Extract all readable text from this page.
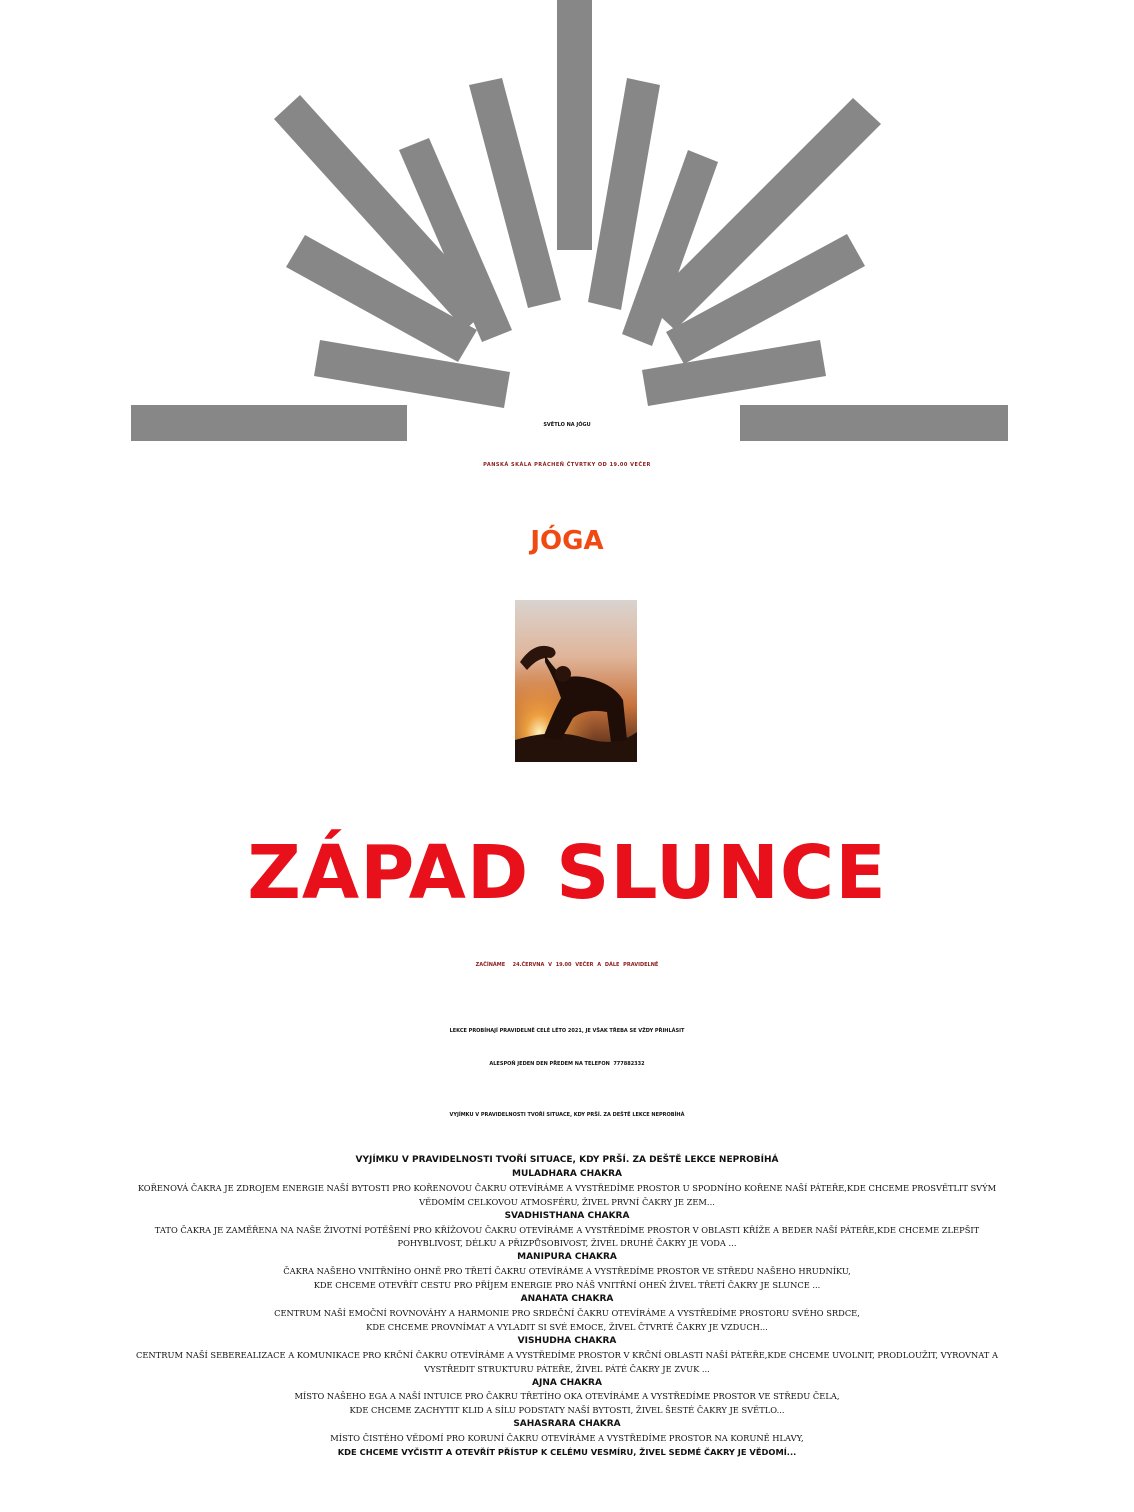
SVĚTLO NA JÓGU
PANSKÁ SKÁLA PRÁCHEŇ ČTVRTKY OD 19.00 VEČER
JÓGA
ZÁPAD SLUNCE
ZAČÍNÁME  24.ČERVNA V 19.00 VEČER A DÁLE PRAVIDELNĚ
LEKCE PROBÍHAJÍ PRAVIDELNĚ CELÉ LÉTO 2021, JE VŠAK TŘEBA SE VŽDY PŘIHLÁSIT
ALESPOŇ JEDEN DEN PŘEDEM NA TELEFON  777882332
VYJÍMKU V PRAVIDELNOSTI TVOŘÍ SITUACE, KDY PRŠÍ. ZA DEŠTĚ LEKCE NEPROBÍHÁ

VYJÍMKU V PRAVIDELNOSTI TVOŘÍ SITUACE, KDY PRŠÍ. ZA DEŠTĚ LEKCE NEPROBÍHÁ

MULADHARA CHAKRA

KOŘENOVÁ ČAKRA JE ZDROJEM ENERGIE NAŠÍ BYTOSTI PRO KOŘENOVOU ČAKRU OTEVÍRÁME A VYSTŘEDÍME PROSTOR U SPODNÍHO KOŘENE NAŠÍ PÁTEŘE,KDE CHCEME PROSVĚTLIT SVÝM

VĚDOMÍM CELKOVOU ATMOSFÉRU, ŽIVEL PRVNÍ ČAKRY JE ZEM...

SVADHISTHANA CHAKRA

TATO ČAKRA JE ZAMĚŘENA NA NAŠE ŽIVOTNÍ POTĚŠENÍ PRO KŘÍŽOVOU ČAKRU OTEVÍRÁME A VYSTŘEDÍME PROSTOR V OBLASTI KŘÍŽE A BEDER NAŠÍ PÁTEŘE,KDE CHCEME ZLEPŠIT

POHYBLIVOST, DÉLKU A PŘIZPŮSOBIVOST, ŽIVEL DRUHÉ ČAKRY JE VODA ...

MANIPURA CHAKRA

ČAKRA NAŠEHO VNITŘNÍHO OHNĚ PRO TŘETÍ ČAKRU OTEVÍRÁME A VYSTŘEDÍME PROSTOR VE STŘEDU NAŠEHO HRUDNÍKU,

KDE CHCEME OTEVŘÍT CESTU PRO PŘÍJEM ENERGIE PRO NÁŠ VNITŘNÍ OHEŇ ŽIVEL TŘETÍ ČAKRY JE SLUNCE ...

ANAHATA CHAKRA

CENTRUM NAŠÍ EMOČNÍ ROVNOVÁHY A HARMONIE PRO SRDEČNÍ ČAKRU OTEVÍRÁME A VYSTŘEDÍME PROSTORU SVÉHO SRDCE,

KDE CHCEME PROVNÍMAT A VYLADIT SI SVÉ EMOCE, ŽIVEL ČTVRTÉ ČAKRY JE VZDUCH...

VISHUDHA CHAKRA

CENTRUM NAŠÍ SEBEREALIZACE A KOMUNIKACE PRO KRČNÍ ČAKRU OTEVÍRÁME A VYSTŘEDÍME PROSTOR V KRČNÍ OBLASTI NAŠÍ PÁTEŘE,KDE CHCEME UVOLNIT, PRODLOUŽIT, VYROVNAT A

VYSTŘEDIT STRUKTURU PÁTEŘE, ŽIVEL PÁTÉ ČAKRY JE ZVUK ...

AJNA CHAKRA

MÍSTO NAŠEHO EGA A NAŠÍ INTUICE PRO ČAKRU TŘETÍHO OKA OTEVÍRÁME A VYSTŘEDÍME PROSTOR VE STŘEDU ČELA,

KDE CHCEME ZACHYTIT KLID A SÍLU PODSTATY NAŠÍ BYTOSTI, ŽIVEL ŠESTÉ ČAKRY JE SVĚTLO...

SAHASRARA CHAKRA

MÍSTO ČISTÉHO VĚDOMÍ PRO KORUNÍ ČAKRU OTEVÍRÁME A VYSTŘEDÍME PROSTOR NA KORUNĚ HLAVY,

KDE CHCEME VYČISTIT A OTEVŘÍT PŘÍSTUP K CELÉMU VESMÍRU, ŽIVEL SEDMÉ ČAKRY JE VĚDOMÍ...
